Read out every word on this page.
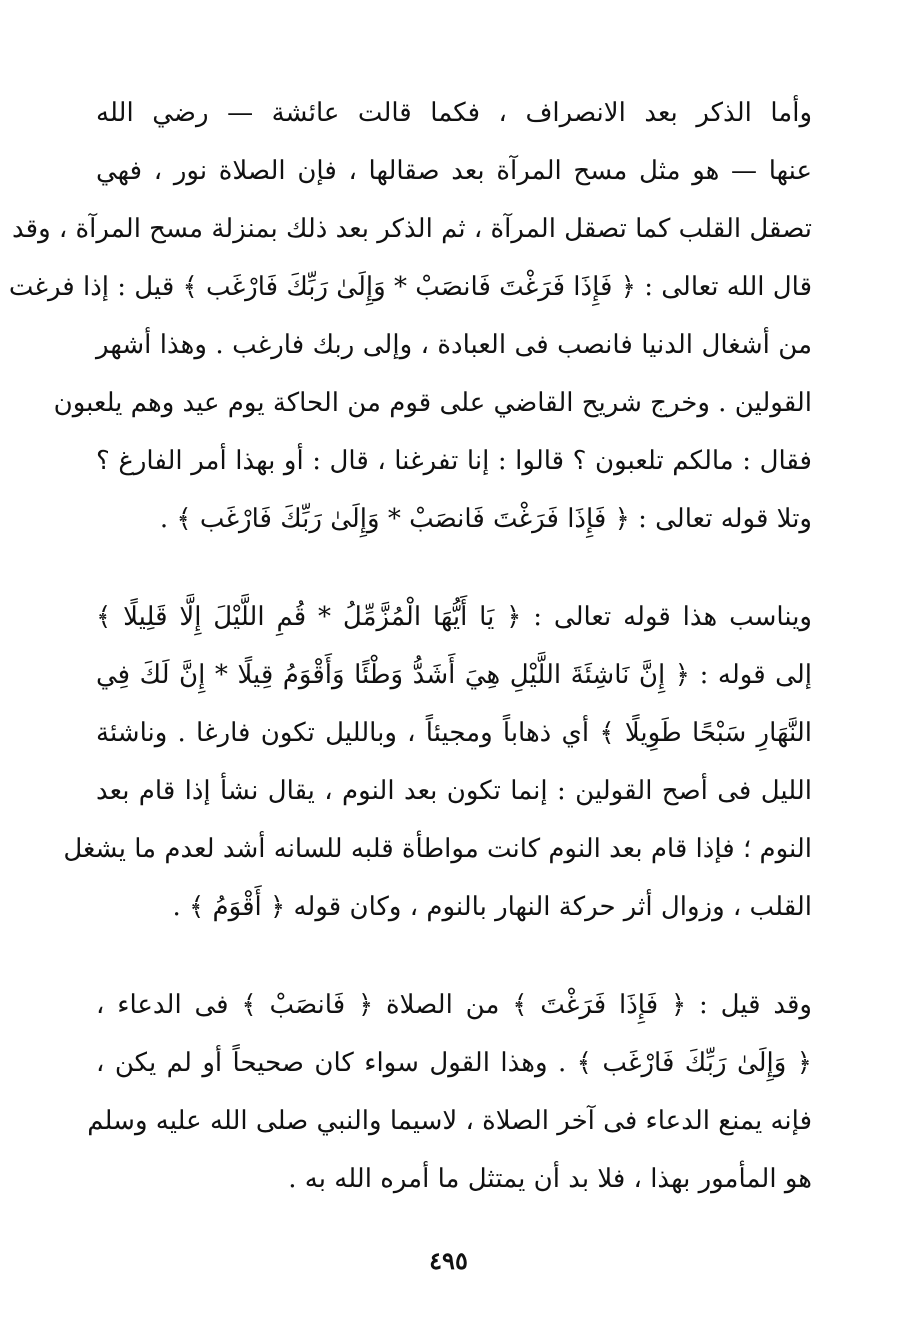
وأما الذكر بعد الانصراف ، فكما قالت عائشة — رضي الله
عنها — هو مثل مسح المرآة بعد صقالها ، فإن الصلاة نور ، فهي
تصقل القلب كما تصقل المرآة ، ثم الذكر بعد ذلك بمنزلة مسح المرآة ، وقد
قال الله تعالى : ﴿ فَإِذَا فَرَغْتَ فَانصَبْ * وَإِلَىٰ رَبِّكَ فَارْغَب ﴾ قيل : إذا فرغت
من أشغال الدنيا فانصب فى العبادة ، وإلى ربك فارغب . وهذا أشهر
القولين . وخرج شريح القاضي على قوم من الحاكة يوم عيد وهم يلعبون
فقال : مالكم تلعبون ؟ قالوا : إنا تفرغنا ، قال : أو بهذا أمر الفارغ ؟
وتلا قوله تعالى : ﴿ فَإِذَا فَرَغْتَ فَانصَبْ * وَإِلَىٰ رَبِّكَ فَارْغَب ﴾ .
ويناسب هذا قوله تعالى : ﴿ يَا أَيُّهَا الْمُزَّمِّلُ * قُمِ اللَّيْلَ إِلَّا قَلِيلًا ﴾
إلى قوله : ﴿ إِنَّ نَاشِئَةَ اللَّيْلِ هِيَ أَشَدُّ وَطْئًا وَأَقْوَمُ قِيلًا * إِنَّ لَكَ فِي
النَّهَارِ سَبْحًا طَوِيلًا ﴾ أي ذهاباً ومجيئاً ، وبالليل تكون فارغا . وناشئة
الليل فى أصح القولين : إنما تكون بعد النوم ، يقال نشأ إذا قام بعد
النوم ؛ فإذا قام بعد النوم كانت مواطأة قلبه للسانه أشد لعدم ما يشغل
القلب ، وزوال أثر حركة النهار بالنوم ، وكان قوله ﴿ أَقْوَمُ ﴾ .
وقد قيل : ﴿ فَإِذَا فَرَغْتَ ﴾ من الصلاة ﴿ فَانصَبْ ﴾ فى الدعاء ،
﴿ وَإِلَىٰ رَبِّكَ فَارْغَب ﴾ . وهذا القول سواء كان صحيحاً أو لم يكن ،
فإنه يمنع الدعاء فى آخر الصلاة ، لاسيما والنبي صلى الله عليه وسلم
هو المأمور بهذا ، فلا بد أن يمتثل ما أمره الله به .
٤٩٥
